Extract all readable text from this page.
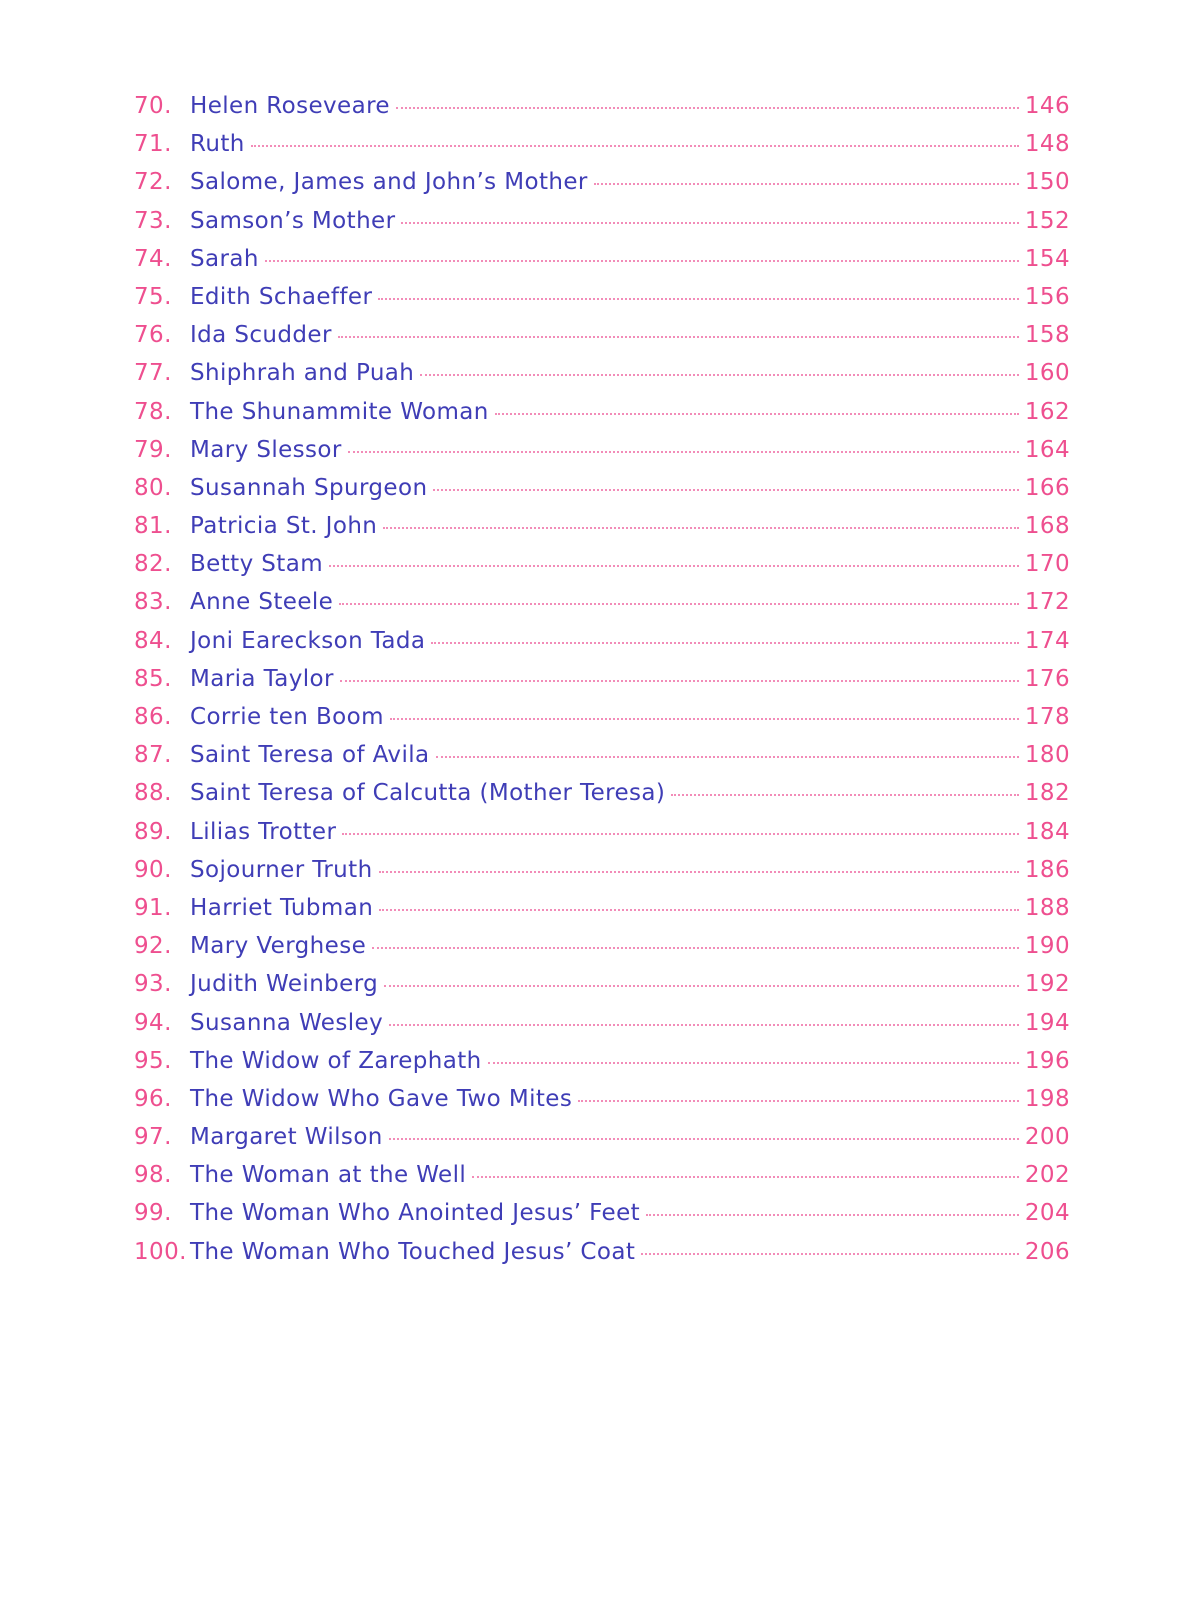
70. Helen Roseveare	146
71. Ruth	148
72. Salome, James and John’s Mother	150
73. Samson’s Mother	152
74. Sarah	154
75. Edith Schaeffer	156
76. Ida Scudder	158
77. Shiphrah and Puah	160
78. The Shunammite Woman	162
79. Mary Slessor	164
80. Susannah Spurgeon	166
81. Patricia St. John	168
82. Betty Stam	170
83. Anne Steele	172
84. Joni Eareckson Tada	174
85. Maria Taylor	176
86. Corrie ten Boom	178
87. Saint Teresa of Avila	180
88. Saint Teresa of Calcutta (Mother Teresa)	182
89. Lilias Trotter	184
90. Sojourner Truth	186
91. Harriet Tubman	188
92. Mary Verghese	190
93. Judith Weinberg	192
94. Susanna Wesley	194
95. The Widow of Zarephath	196
96. The Widow Who Gave Two Mites	198
97. Margaret Wilson	200
98. The Woman at the Well	202
99. The Woman Who Anointed Jesus’ Feet	204
100. The Woman Who Touched Jesus’ Coat	206
